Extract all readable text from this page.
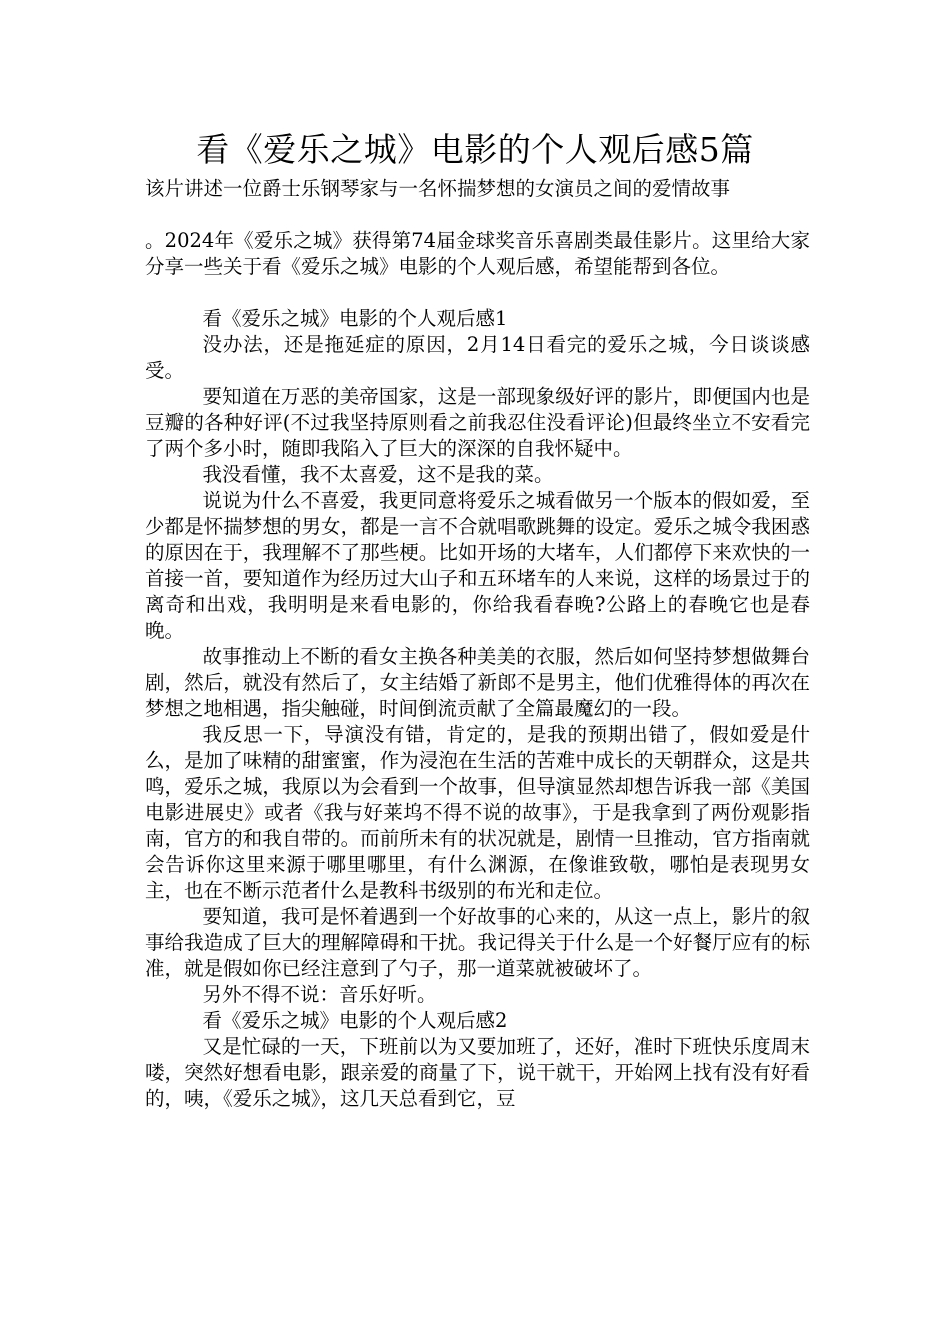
看《爱乐之城》电影的个人观后感5篇

该片讲述一位爵士乐钢琴家与一名怀揣梦想的女演员之间的爱情故事

。2024年《爱乐之城》获得第74届金球奖音乐喜剧类最佳影片。这里给大家分享一些关于看《爱乐之城》电影的个人观后感，希望能帮到各位。

看《爱乐之城》电影的个人观后感1

没办法，还是拖延症的原因，2月14日看完的爱乐之城，今日谈谈感受。

要知道在万恶的美帝国家，这是一部现象级好评的影片，即便国内也是豆瓣的各种好评(不过我坚持原则看之前我忍住没看评论)但最终坐立不安看完了两个多小时，随即我陷入了巨大的深深的自我怀疑中。

我没看懂，我不太喜爱，这不是我的菜。

说说为什么不喜爱，我更同意将爱乐之城看做另一个版本的假如爱，至少都是怀揣梦想的男女，都是一言不合就唱歌跳舞的设定。爱乐之城令我困惑的原因在于，我理解不了那些梗。比如开场的大堵车，人们都停下来欢快的一首接一首，要知道作为经历过大山子和五环堵车的人来说，这样的场景过于的离奇和出戏，我明明是来看电影的，你给我看春晚?公路上的春晚它也是春晚。

故事推动上不断的看女主换各种美美的衣服，然后如何坚持梦想做舞台剧，然后，就没有然后了，女主结婚了新郎不是男主，他们优雅得体的再次在梦想之地相遇，指尖触碰，时间倒流贡献了全篇最魔幻的一段。

我反思一下，导演没有错，肯定的，是我的预期出错了，假如爱是什么，是加了味精的甜蜜蜜，作为浸泡在生活的苦难中成长的天朝群众，这是共鸣，爱乐之城，我原以为会看到一个故事，但导演显然却想告诉我一部《美国电影进展史》或者《我与好莱坞不得不说的故事》，于是我拿到了两份观影指南，官方的和我自带的。而前所未有的状况就是，剧情一旦推动，官方指南就会告诉你这里来源于哪里哪里，有什么渊源，在像谁致敬，哪怕是表现男女主，也在不断示范者什么是教科书级别的布光和走位。

要知道，我可是怀着遇到一个好故事的心来的，从这一点上，影片的叙事给我造成了巨大的理解障碍和干扰。我记得关于什么是一个好餐厅应有的标准，就是假如你已经注意到了勺子，那一道菜就被破坏了。

另外不得不说：音乐好听。

看《爱乐之城》电影的个人观后感2

又是忙碌的一天，下班前以为又要加班了，还好，准时下班快乐度周末喽，突然好想看电影，跟亲爱的商量了下，说干就干，开始网上找有没有好看的，咦，《爱乐之城》，这几天总看到它，豆
